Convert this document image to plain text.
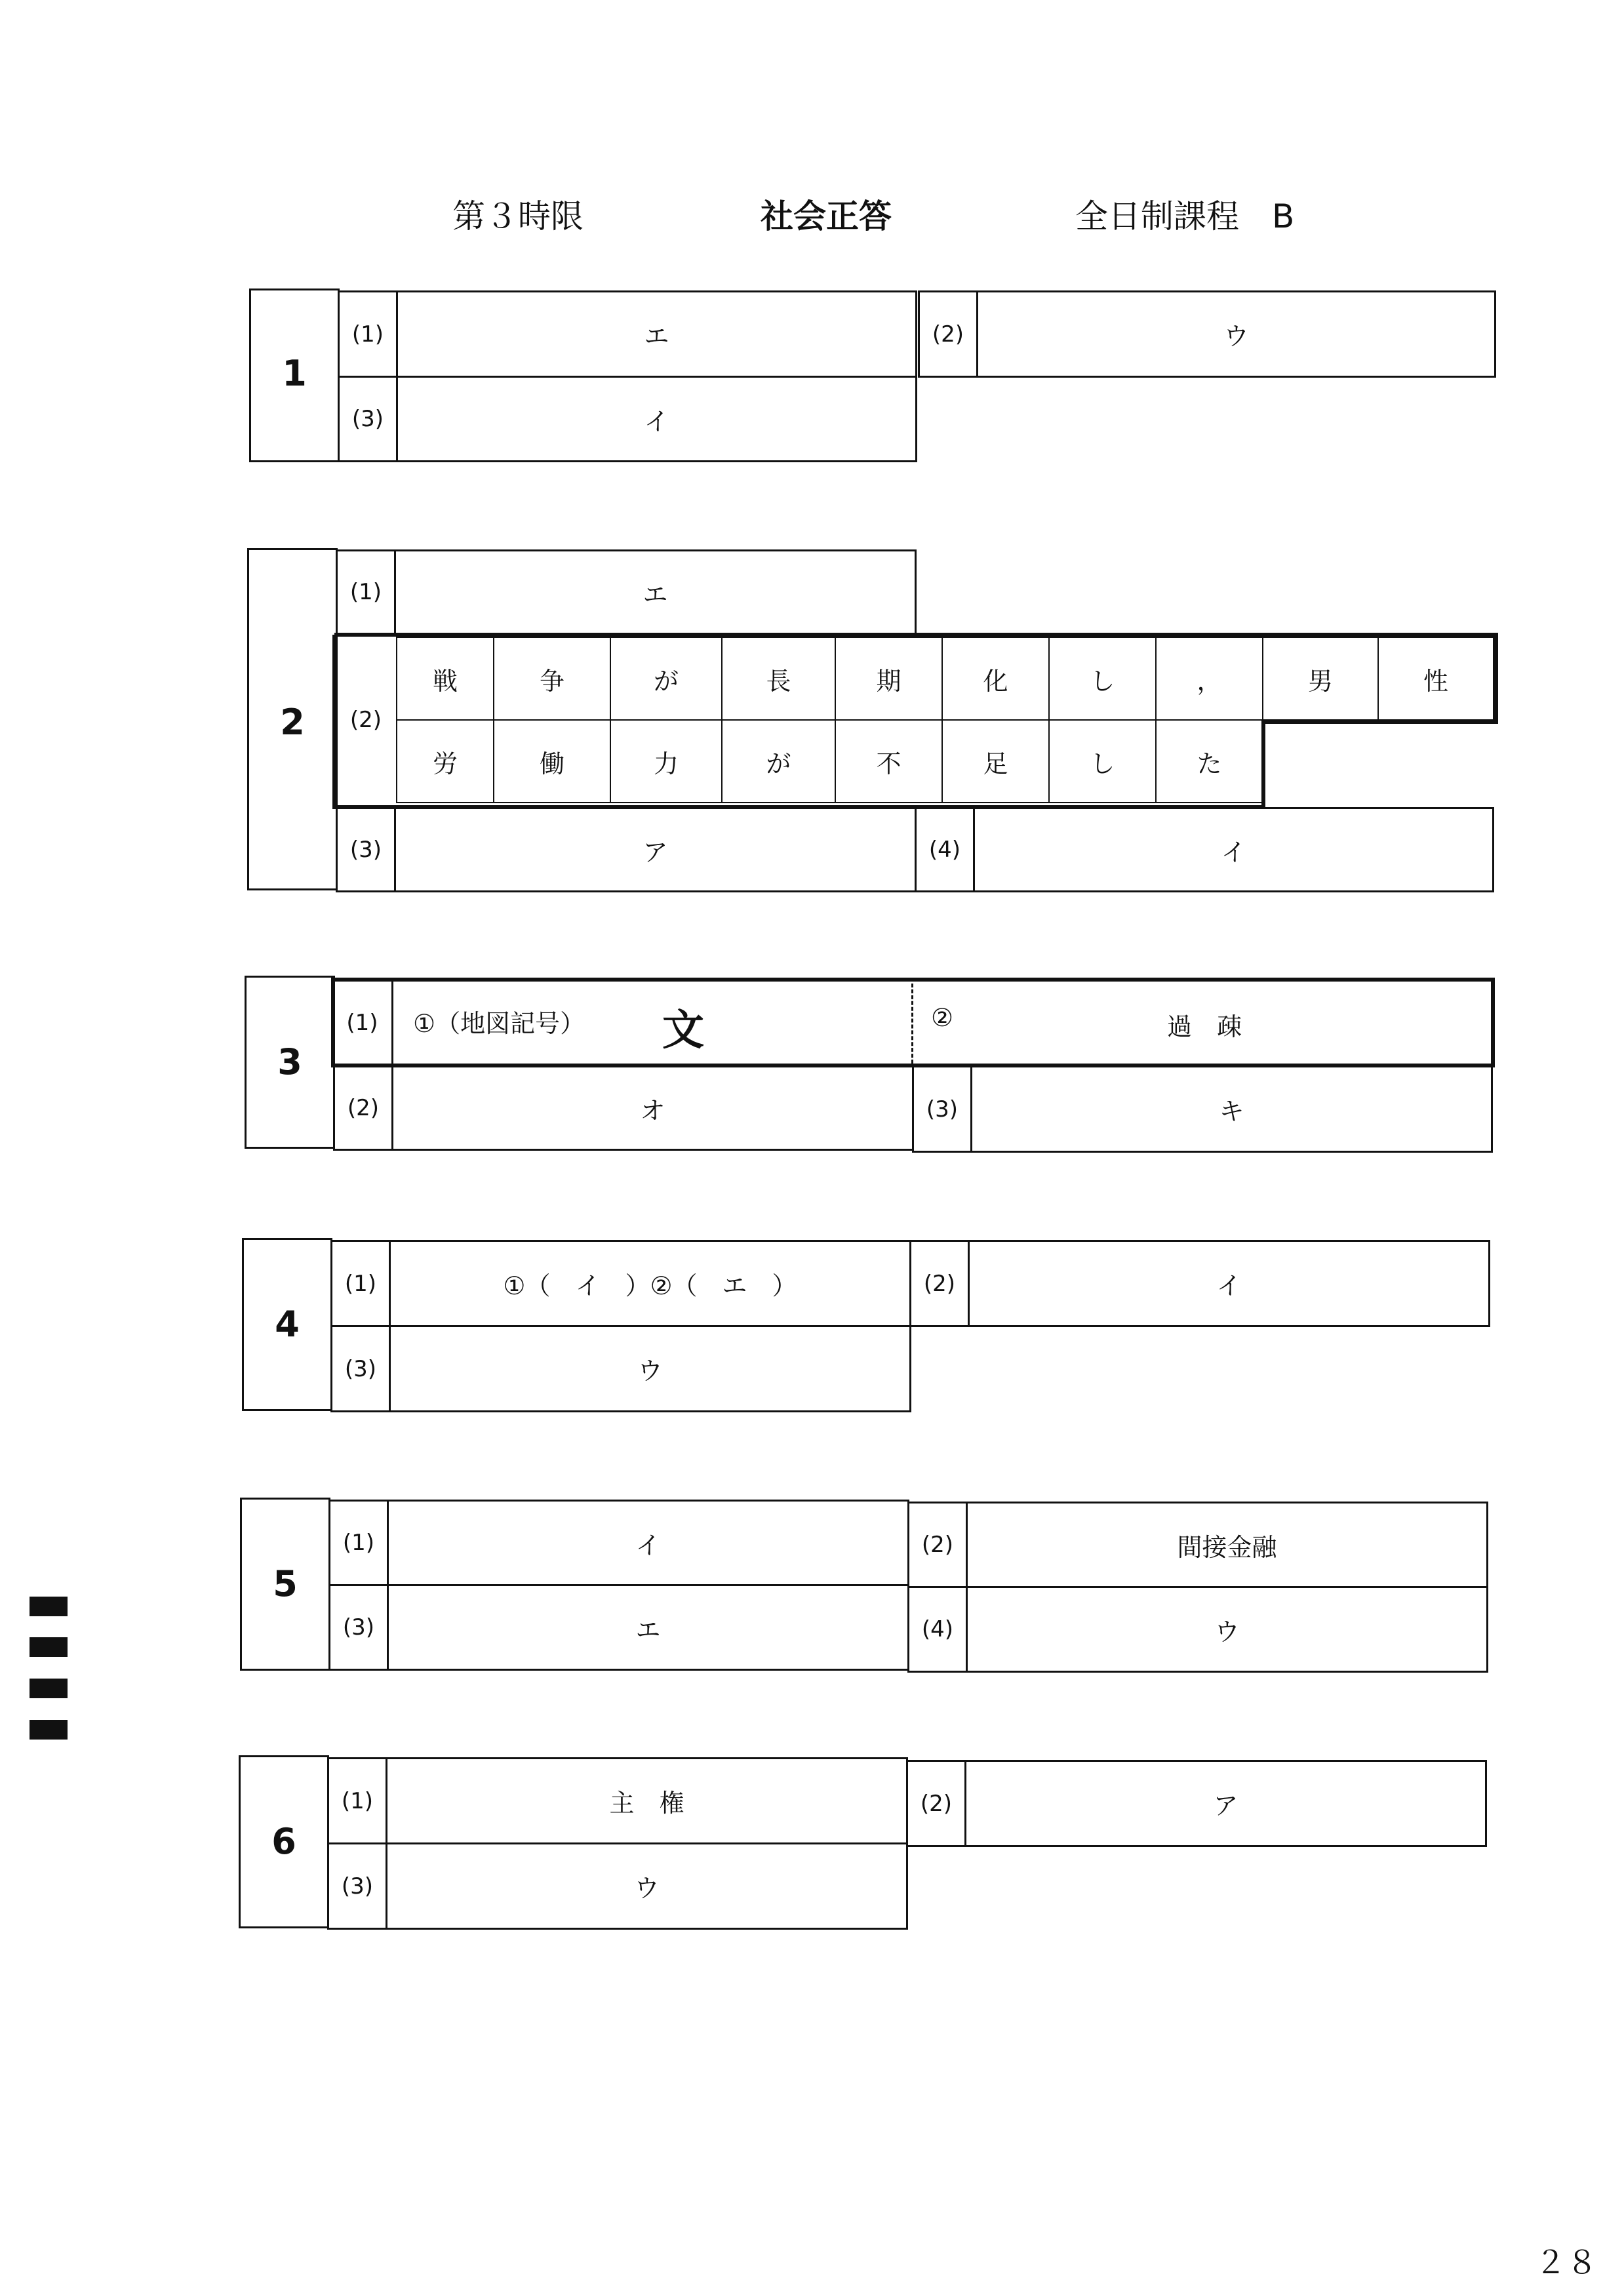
第３時限	社会正答	全日制課程　B
1
(1)	エ	(2)	ウ
(3)	イ
2
(1)	エ
(2)
戦	争	が	長	期	化	し	，	男	性
労	働	力	が	不	足	し	た
(3)	ア	(4)	イ
3
(1)	①（地図記号） 文	②	過　疎
(2)	オ	(3)	キ
4
(1)	①（　イ　）②（　エ　）	(2)	イ
(3)	ウ
5
(1)	イ	(2)	間接金融
(3)	エ	(4)	ウ
6
(1)	主　権	(2)	ア
(3)	ウ
２８
